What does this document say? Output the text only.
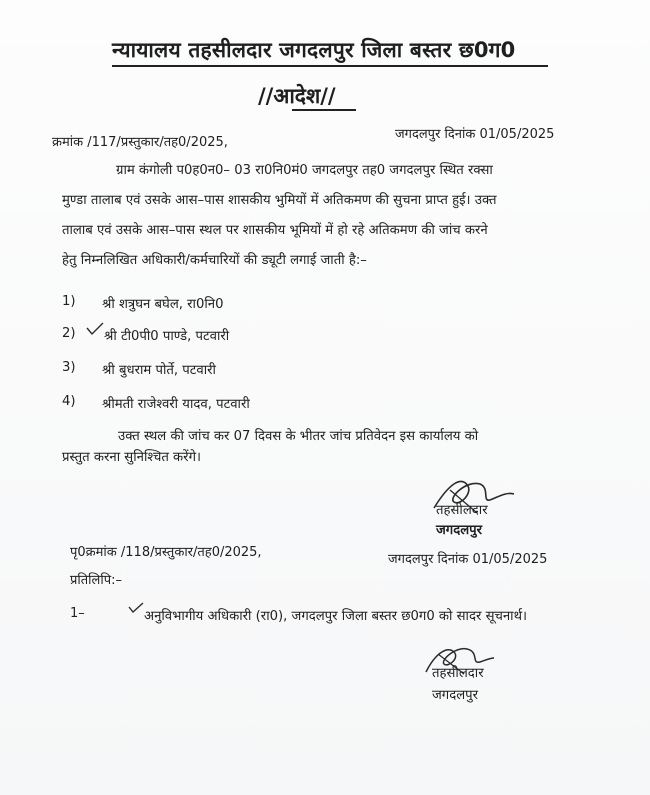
न्यायालय तहसीलदार जगदलपुर जिला बस्तर छ0ग0
//आदेश//
क्रमांक /117/प्रस्तुकार/तह0/2025,
जगदलपुर दिनांक 01/05/2025
ग्राम कंगोली प0ह0न0– 03 रा0नि0मं0 जगदलपुर तह0 जगदलपुर स्थित रक्सा
मुण्डा तालाब एवं उसके आस–पास शासकीय भुमियों में अतिकमण की सुचना प्राप्त हुई। उक्त
तालाब एवं उसके आस–पास स्थल पर शासकीय भूमियों में हो रहे अतिकमण की जांच करने
हेतु निम्नलिखित अधिकारी/कर्मचारियों की ड्यूटी लगाई जाती है:–
1) श्री शत्रुघन बघेल, रा0नि0
2) श्री टी0पी0 पाण्डे, पटवारी
3) श्री बुधराम पोर्ते, पटवारी
4) श्रीमती राजेश्वरी यादव, पटवारी
उक्त स्थल की जांच कर 07 दिवस के भीतर जांच प्रतिवेदन इस कार्यालय को
प्रस्तुत करना सुनिश्चित करेंगे।
तहसीलदार
जगदलपुर
पृ0क्रमांक /118/प्रस्तुकार/तह0/2025,	जगदलपुर दिनांक 01/05/2025
प्रतिलिपि:–
1–	अनुविभागीय अधिकारी (रा0), जगदलपुर जिला बस्तर छ0ग0 को सादर सूचनार्थ।
तहसीलदार
जगदलपुर
